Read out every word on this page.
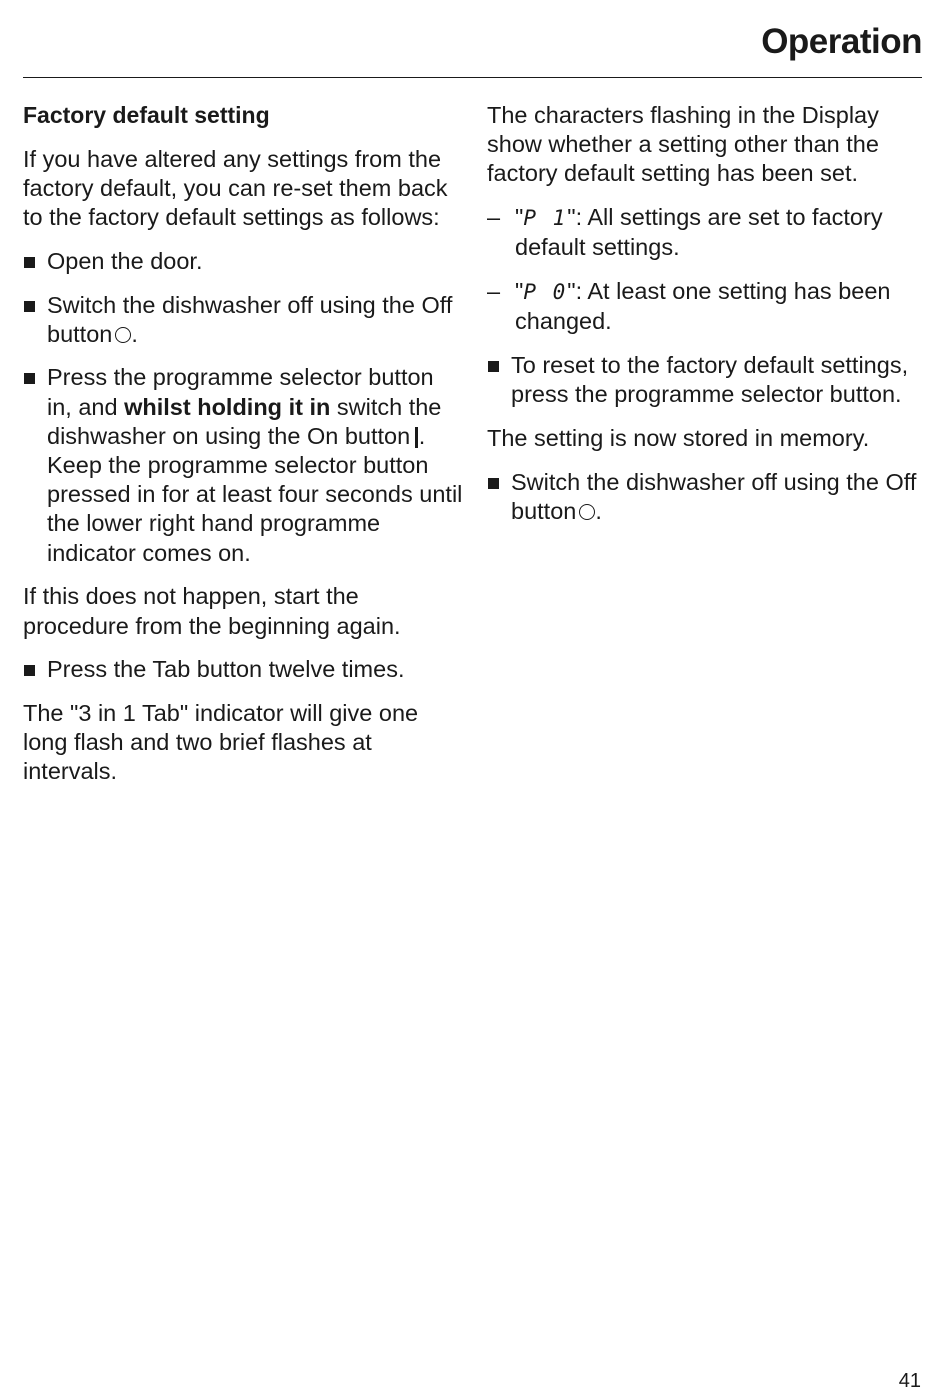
Operation

Factory default setting

If you have altered any settings from the factory default, you can re-set them back to the factory default settings as follows:

Open the door.
Switch the dishwasher off using the Off button .
Press the programme selector button in, and whilst holding it in switch the dishwasher on using the On button .
Keep the programme selector button pressed in for at least four seconds until the lower right hand programme indicator comes on.

If this does not happen, start the procedure from the beginning again.

Press the Tab button twelve times.

The "3 in 1 Tab" indicator will give one long flash and two brief flashes at intervals.

The characters flashing in the Display show whether a setting other than the factory default setting has been set.

– "P 1": All settings are set to factory default settings.
– "P 0": At least one setting has been changed.
To reset to the factory default settings, press the programme selector button.

The setting is now stored in memory.

Switch the dishwasher off using the Off button .

41
